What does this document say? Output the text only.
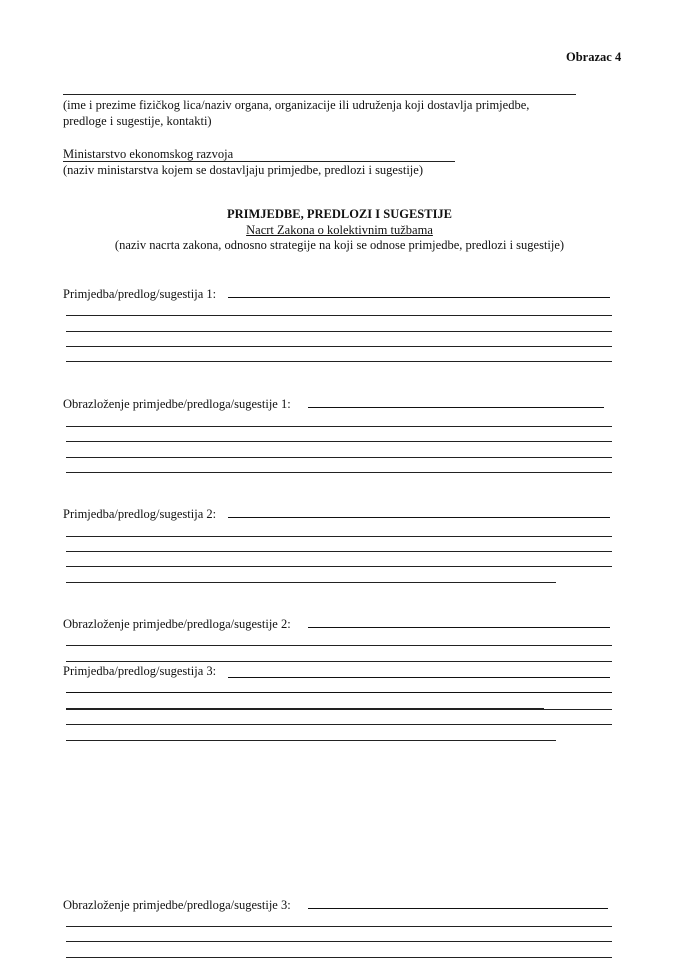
Obrazac 4
(ime i prezime fizičkog lica/naziv organa, organizacije ili udruženja koji dostavlja primjedbe,
predloge i sugestije, kontakti)
Ministarstvo ekonomskog razvoja
(naziv ministarstva kojem se dostavljaju primjedbe, predlozi i sugestije)
PRIMJEDBE, PREDLOZI I SUGESTIJE
Nacrt Zakona o kolektivnim tužbama
(naziv nacrta zakona, odnosno strategije na koji se odnose primjedbe, predlozi i sugestije)
Primjedba/predlog/sugestija 1:
Obrazloženje primjedbe/predloga/sugestije 1:
Primjedba/predlog/sugestija 2:
Obrazloženje primjedbe/predloga/sugestije 2:
Primjedba/predlog/sugestija 3:
Obrazloženje primjedbe/predloga/sugestije 3:
